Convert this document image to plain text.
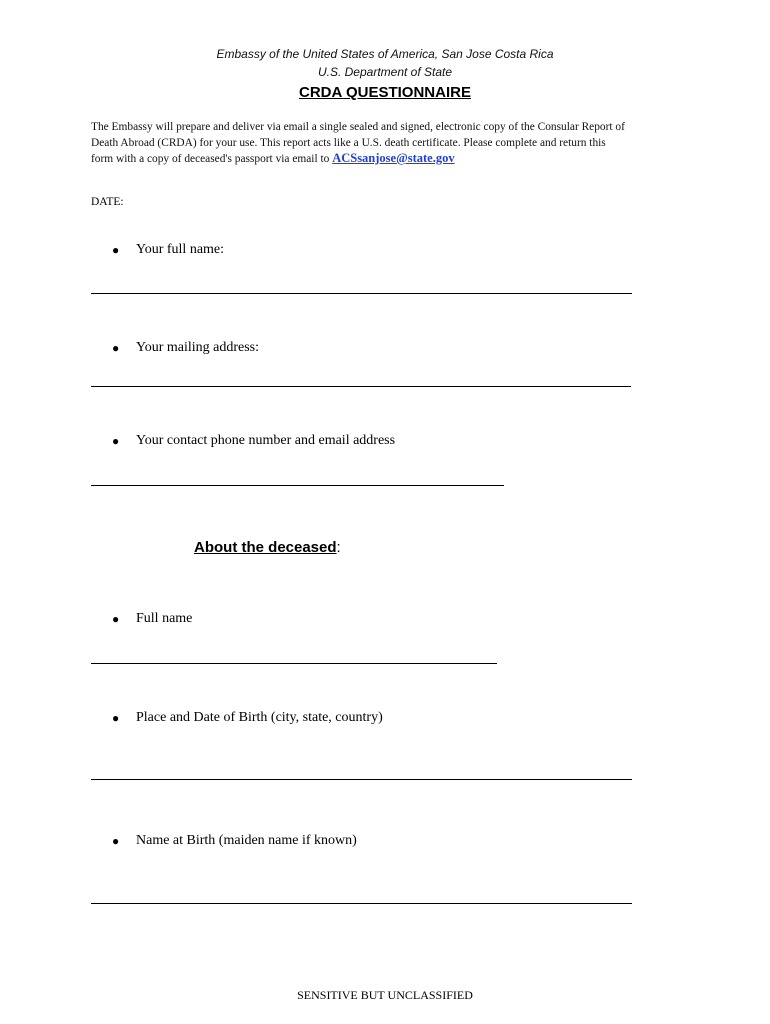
Embassy of the United States of America, San Jose Costa Rica
U.S. Department of State
CRDA QUESTIONNAIRE
The Embassy will prepare and deliver via email a single sealed and signed, electronic copy of the Consular Report of
Death Abroad (CRDA) for your use. This report acts like a U.S. death certificate. Please complete and return this
form with a copy of deceased's passport via email to ACSsanjose@state.gov
DATE:
●	Your full name:
●	Your mailing address:
●	Your contact phone number and email address
About the deceased:
●	Full name
●	Place and Date of Birth (city, state, country)
●	Name at Birth (maiden name if known)
SENSITIVE BUT UNCLASSIFIED
